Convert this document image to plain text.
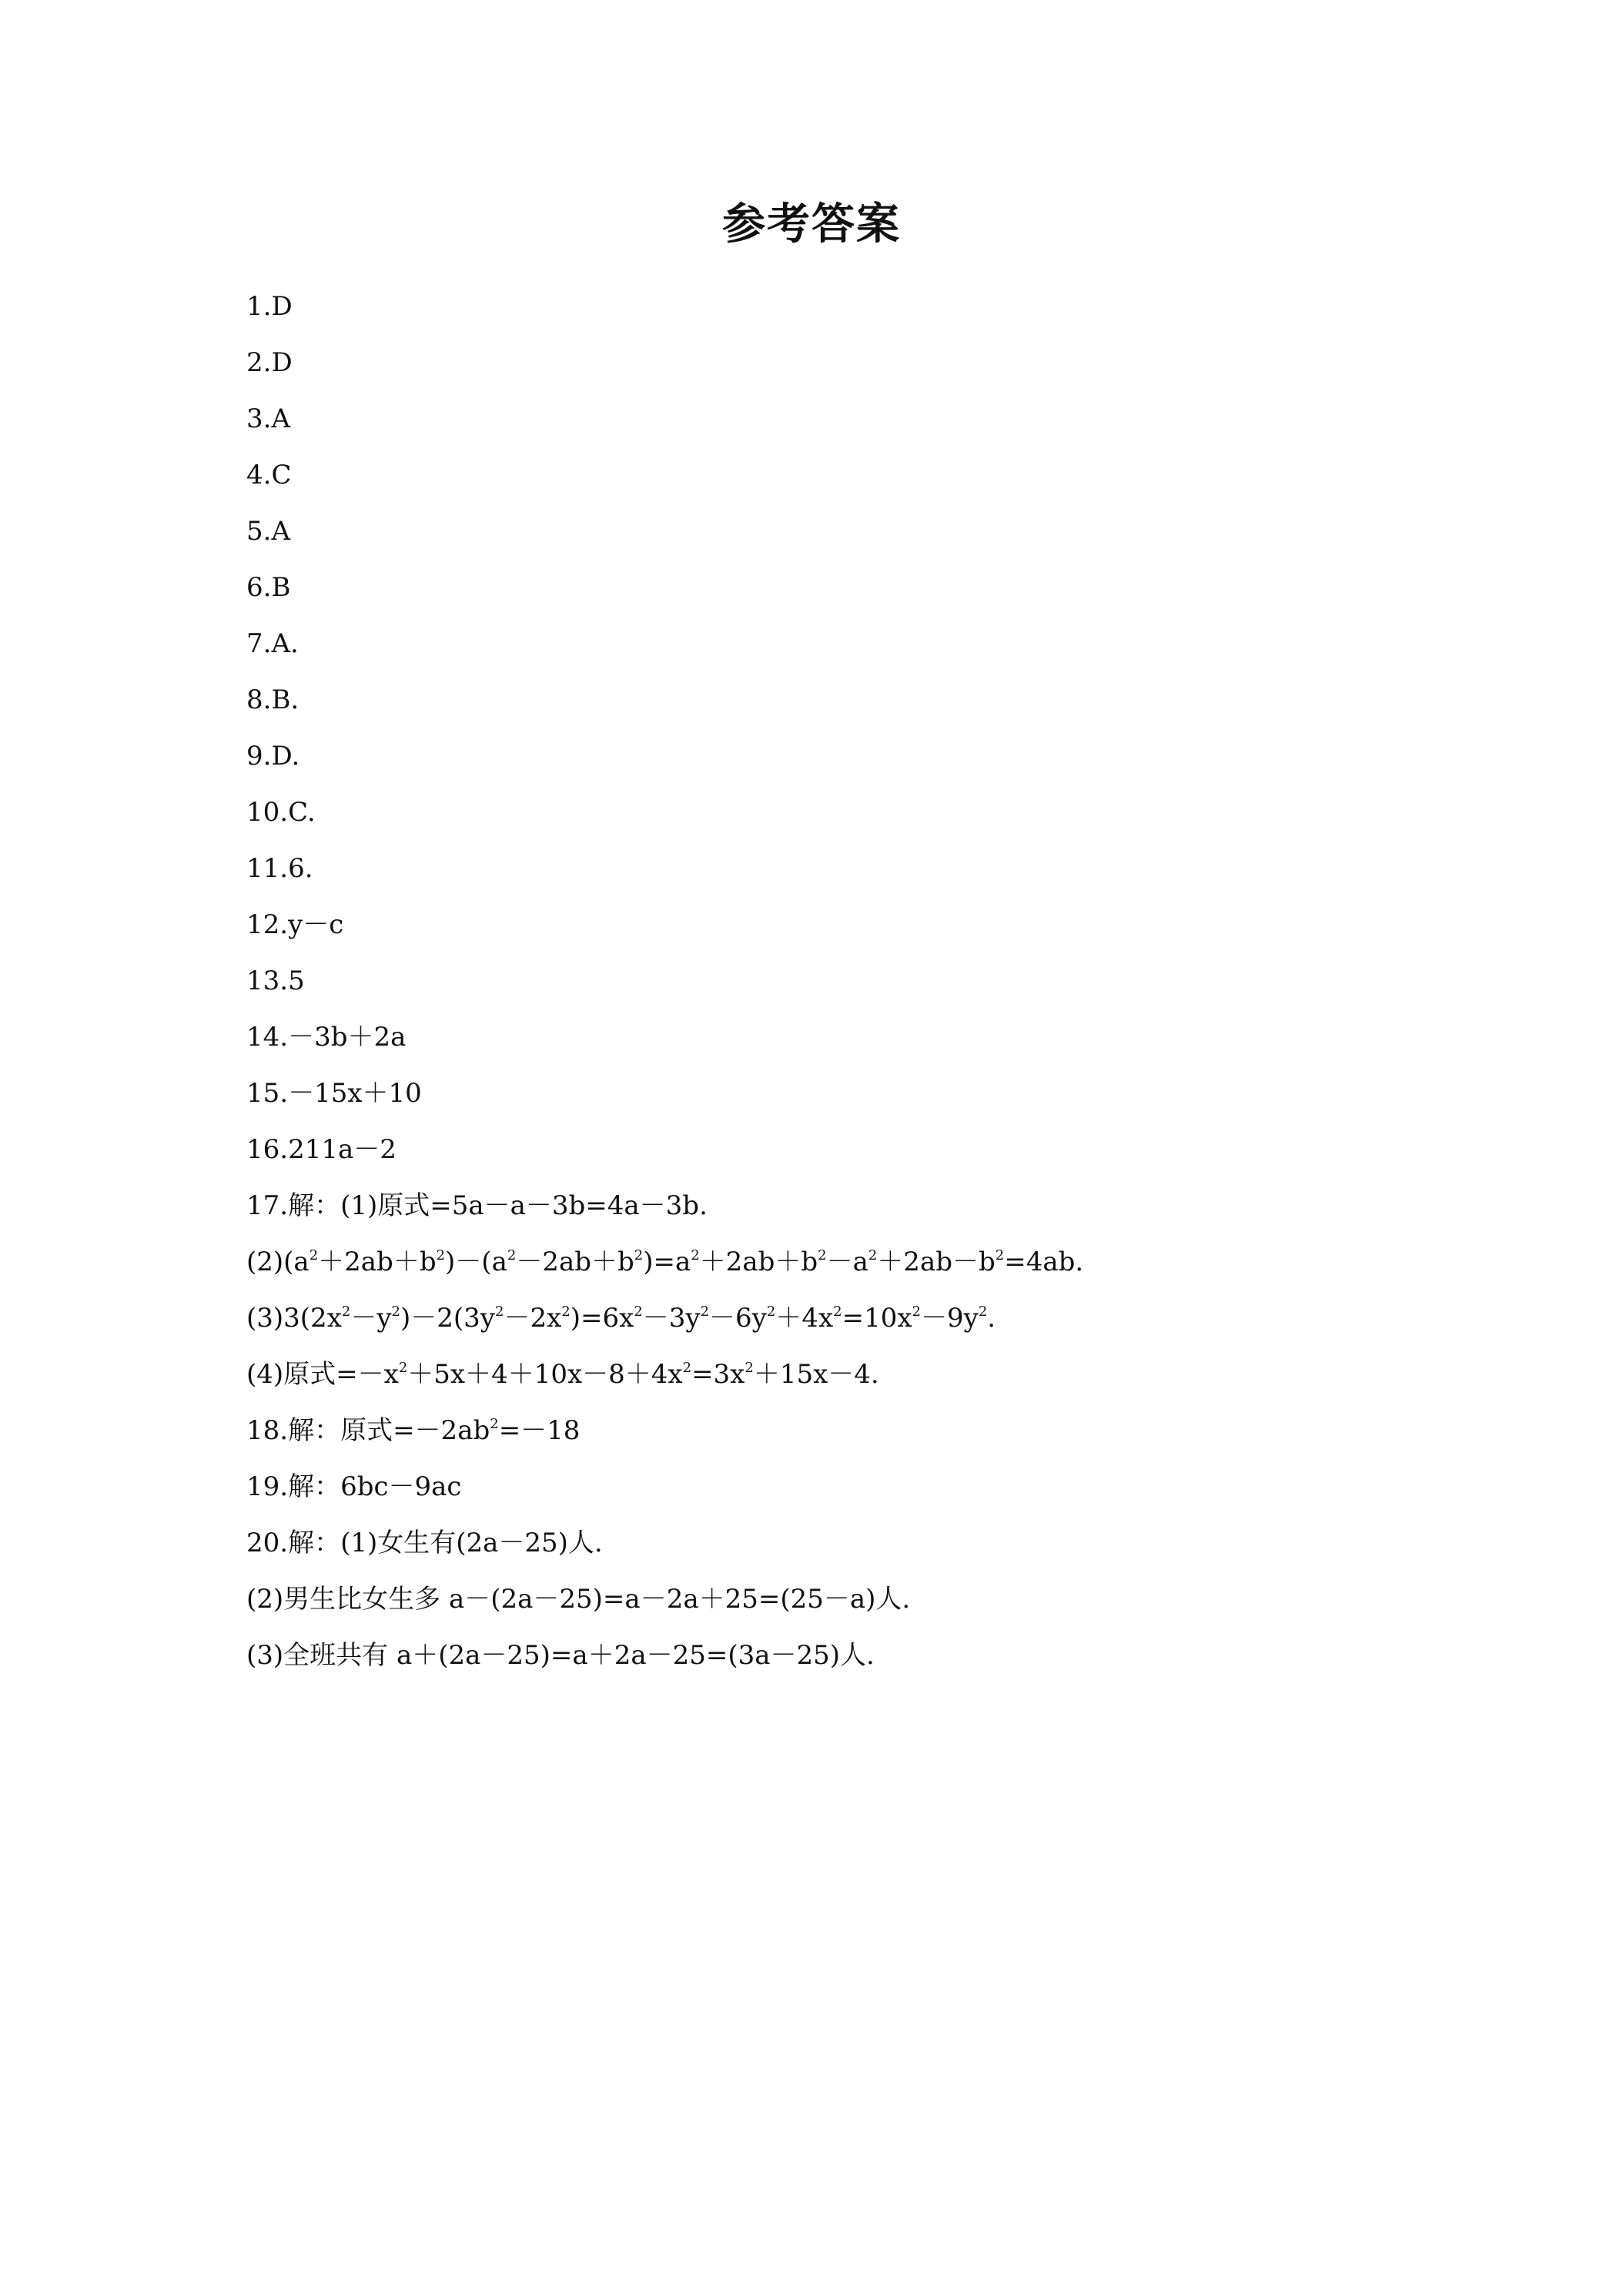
参考答案
1.D
2.D
3.A
4.C
5.A
6.B
7.A.
8.B.
9.D.
10.C.
11.6.
12.y－c
13.5
14.－3b＋2a
15.－15x＋10
16.211a－2
17.解：(1)原式=5a－a－3b=4a－3b.
$(2)(a^2+2ab+b^2)-(a^2-2ab+b^2)=a^2+2ab+b^2-a^2+2ab-b^2=4ab$.
$(3)3(2x^2-y^2)-2(3y^2-2x^2)=6x^2-3y^2-6y^2+4x^2=10x^2-9y^2$.
(4)原式$=-x^2+5x+4+10x-8+4x^2=3x^2+15x-4$.
18.解：原式$=-2ab^2=-18$
19.解：6bc－9ac
20.解：(1)女生有(2a－25)人.
(2)男生比女生多 a－(2a－25)=a－2a＋25=(25－a)人.
(3)全班共有 a＋(2a－25)=a＋2a－25=(3a－25)人.
